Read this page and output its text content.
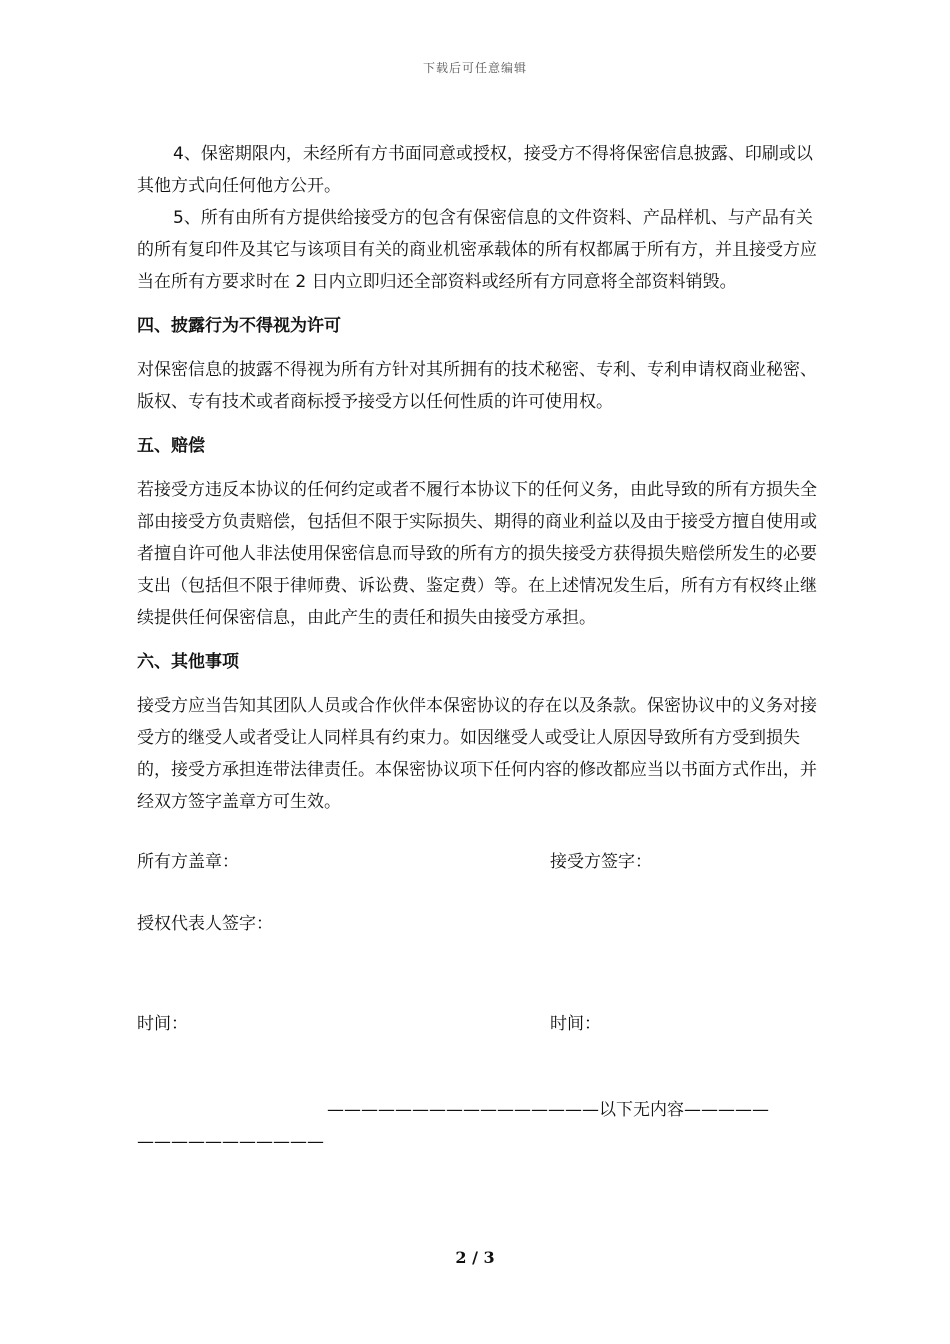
下载后可任意编辑

4、保密期限内，未经所有方书面同意或授权，接受方不得将保密信息披露、印刷或以其他方式向任何他方公开。

5、所有由所有方提供给接受方的包含有保密信息的文件资料、产品样机、与产品有关的所有复印件及其它与该项目有关的商业机密承载体的所有权都属于所有方，并且接受方应当在所有方要求时在 2 日内立即归还全部资料或经所有方同意将全部资料销毁。

四、披露行为不得视为许可

对保密信息的披露不得视为所有方针对其所拥有的技术秘密、专利、专利申请权商业秘密、版权、专有技术或者商标授予接受方以任何性质的许可使用权。

五、赔偿

若接受方违反本协议的任何约定或者不履行本协议下的任何义务，由此导致的所有方损失全部由接受方负责赔偿，包括但不限于实际损失、期得的商业利益以及由于接受方擅自使用或者擅自许可他人非法使用保密信息而导致的所有方的损失接受方获得损失赔偿所发生的必要支出（包括但不限于律师费、诉讼费、鉴定费）等。在上述情况发生后，所有方有权终止继续提供任何保密信息，由此产生的责任和损失由接受方承担。

六、其他事项

接受方应当告知其团队人员或合作伙伴本保密协议的存在以及条款。保密协议中的义务对接受方的继受人或者受让人同样具有约束力。如因继受人或受让人原因导致所有方受到损失的，接受方承担连带法律责任。本保密协议项下任何内容的修改都应当以书面方式作出，并经双方签字盖章方可生效。

所有方盖章：	接受方签字：
授权代表人签字：
时间：	时间：
————————————————以下无内容—————
———————————
2 / 3
